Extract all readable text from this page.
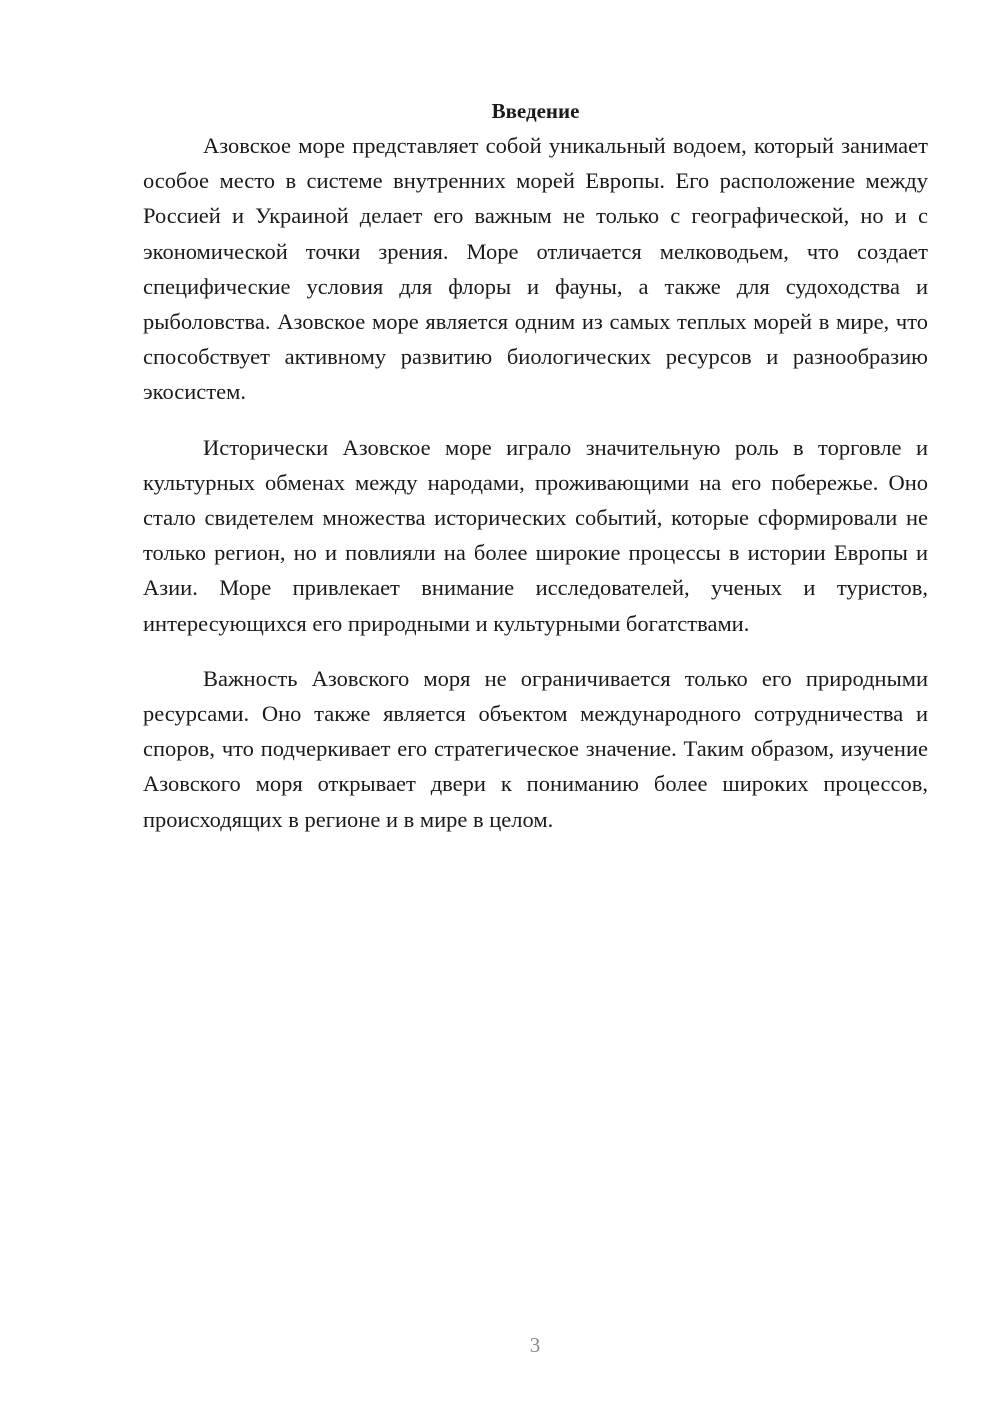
Введение

Азовское море представляет собой уникальный водоем, который занимает особое место в системе внутренних морей Европы. Его расположение между Россией и Украиной делает его важным не только с географической, но и с экономической точки зрения. Море отличается мелководьем, что создает специфические условия для флоры и фауны, а также для судоходства и рыболовства. Азовское море является одним из самых теплых морей в мире, что способствует активному развитию биологических ресурсов и разнообразию экосистем.

Исторически Азовское море играло значительную роль в торговле и культурных обменах между народами, проживающими на его побережье. Оно стало свидетелем множества исторических событий, которые сформировали не только регион, но и повлияли на более широкие процессы в истории Европы и Азии. Море привлекает внимание исследователей, ученых и туристов, интересующихся его природными и культурными богатствами.

Важность Азовского моря не ограничивается только его природными ресурсами. Оно также является объектом международного сотрудничества и споров, что подчеркивает его стратегическое значение. Таким образом, изучение Азовского моря открывает двери к пониманию более широких процессов, происходящих в регионе и в мире в целом.

3
